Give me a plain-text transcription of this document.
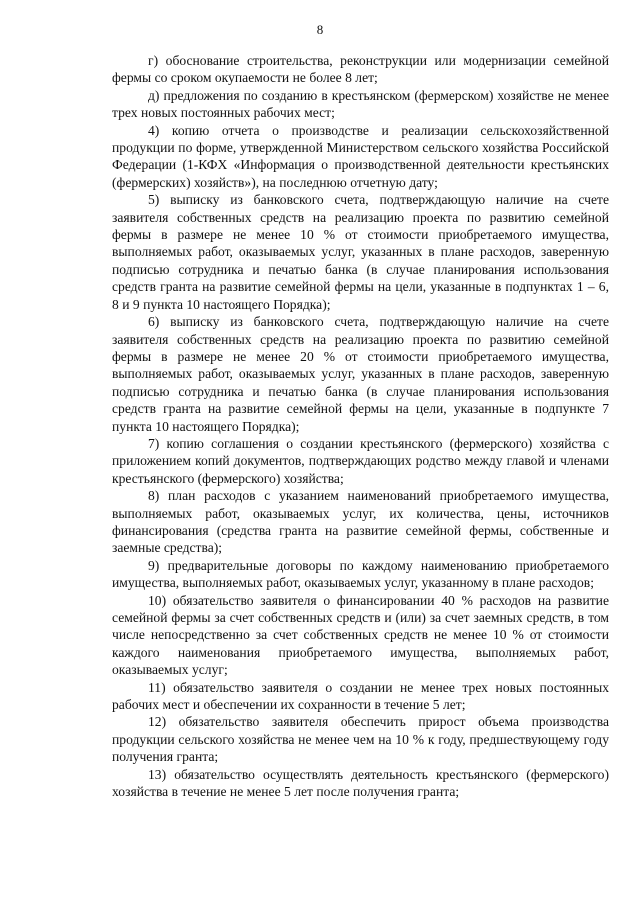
8

г) обоснование строительства, реконструкции или модернизации семейной фермы со сроком окупаемости не более 8 лет;

д) предложения по созданию в крестьянском (фермерском) хозяйстве не менее трех новых постоянных рабочих мест;

4) копию отчета о производстве и реализации сельскохозяйственной продукции по форме, утвержденной Министерством сельского хозяйства Российской Федерации (1-КФХ «Информация о производственной деятельности крестьянских (фермерских) хозяйств»), на последнюю отчетную дату;

5) выписку из банковского счета, подтверждающую наличие на счете заявителя собственных средств на реализацию проекта по развитию семейной фермы в размере не менее 10 % от стоимости приобретаемого имущества, выполняемых работ, оказываемых услуг, указанных в плане расходов, заверенную подписью сотрудника и печатью банка (в случае планирования использования средств гранта на развитие семейной фермы на цели, указанные в подпунктах 1 – 6, 8 и 9 пункта 10 настоящего Порядка);

6) выписку из банковского счета, подтверждающую наличие на счете заявителя собственных средств на реализацию проекта по развитию семейной фермы в размере не менее 20 % от стоимости приобретаемого имущества, выполняемых работ, оказываемых услуг, указанных в плане расходов, заверенную подписью сотрудника и печатью банка (в случае планирования использования средств гранта на развитие семейной фермы на цели, указанные в подпункте 7 пункта 10 настоящего Порядка);

7) копию соглашения о создании крестьянского (фермерского) хозяйства с приложением копий документов, подтверждающих родство между главой и членами крестьянского (фермерского) хозяйства;

8) план расходов с указанием наименований приобретаемого имущества, выполняемых работ, оказываемых услуг, их количества, цены, источников финансирования (средства гранта на развитие семейной фермы, собственные и заемные средства);

9) предварительные договоры по каждому наименованию приобретаемого имущества, выполняемых работ, оказываемых услуг, указанному в плане расходов;

10) обязательство заявителя о финансировании 40 % расходов на развитие семейной фермы за счет собственных средств и (или) за счет заемных средств, в том числе непосредственно за счет собственных средств не менее 10 % от стоимости каждого наименования приобретаемого имущества, выполняемых работ, оказываемых услуг;

11) обязательство заявителя о создании не менее трех новых постоянных рабочих мест и обеспечении их сохранности в течение 5 лет;

12) обязательство заявителя обеспечить прирост объема производства продукции сельского хозяйства не менее чем на 10 % к году, предшествующему году получения гранта;

13) обязательство осуществлять деятельность крестьянского (фермерского) хозяйства в течение не менее 5 лет после получения гранта;
